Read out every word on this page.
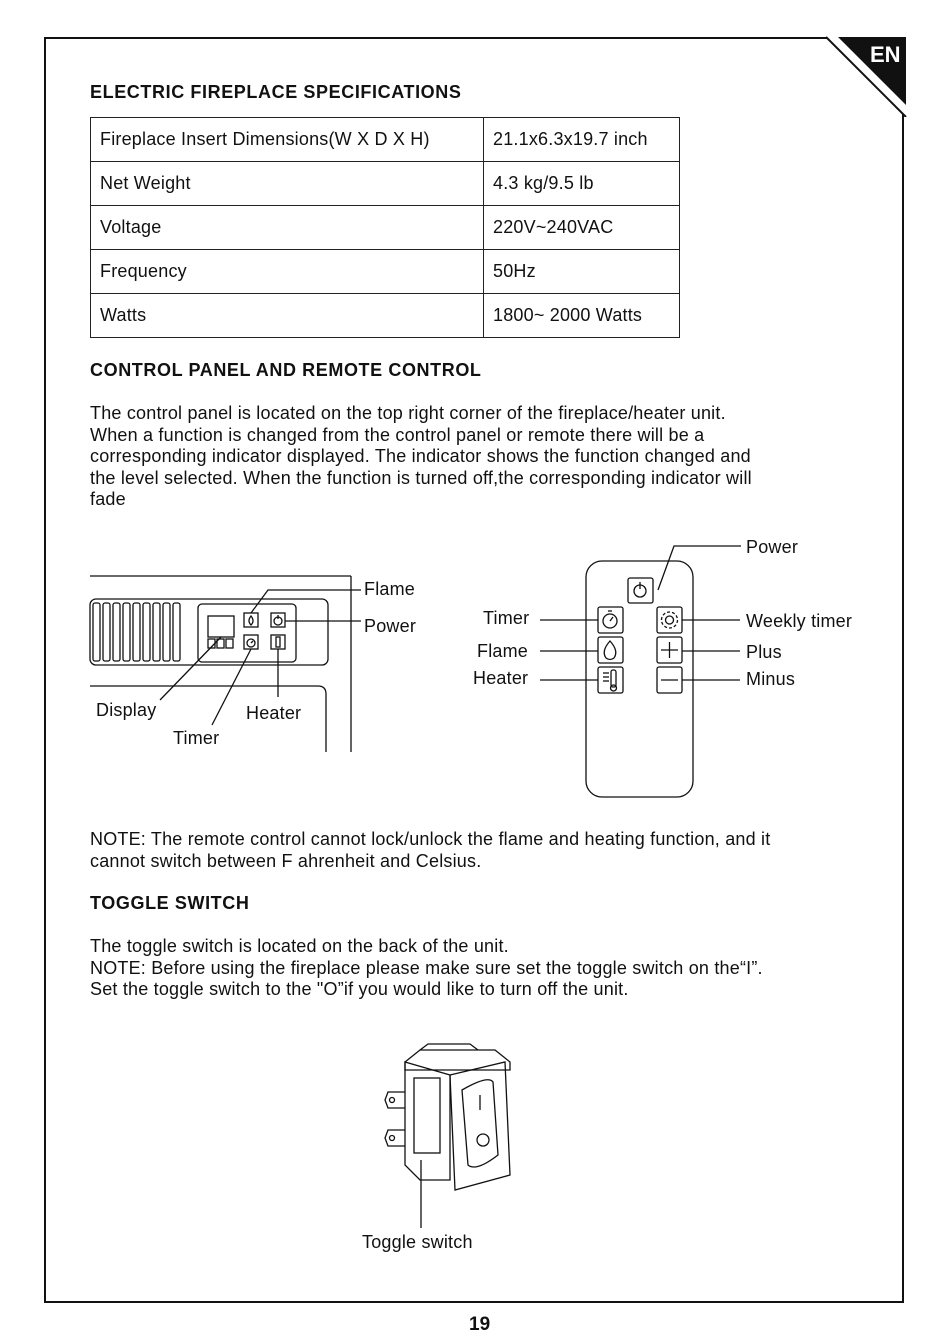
EN
ELECTRIC FIREPLACE SPECIFICATIONS
Fireplace Insert Dimensions(W X D X H)	21.1x6.3x19.7 inch
Net Weight	4.3 kg/9.5 lb
Voltage	220V~240VAC
Frequency	50Hz
Watts	1800~ 2000 Watts
CONTROL PANEL AND REMOTE CONTROL
The control panel is located on the top right corner of the fireplace/heater unit.
When a function is changed from the control panel or remote there will be a
corresponding indicator displayed. The indicator shows the function changed and
the level selected. When the function is turned off,the corresponding indicator will
fade
Flame
Power
Display	Heater
Timer
Power
Timer	Weekly timer
Flame	Plus
Heater	Minus
NOTE: The remote control cannot lock/unlock the flame and heating function, and it
cannot switch between F ahrenheit and Celsius.
TOGGLE SWITCH
The toggle switch is located on the back of the unit.
NOTE: Before using the fireplace please make sure set the toggle switch on the“I”.
Set the toggle switch to the "O”if you would like to turn off the unit.
Toggle switch
19
